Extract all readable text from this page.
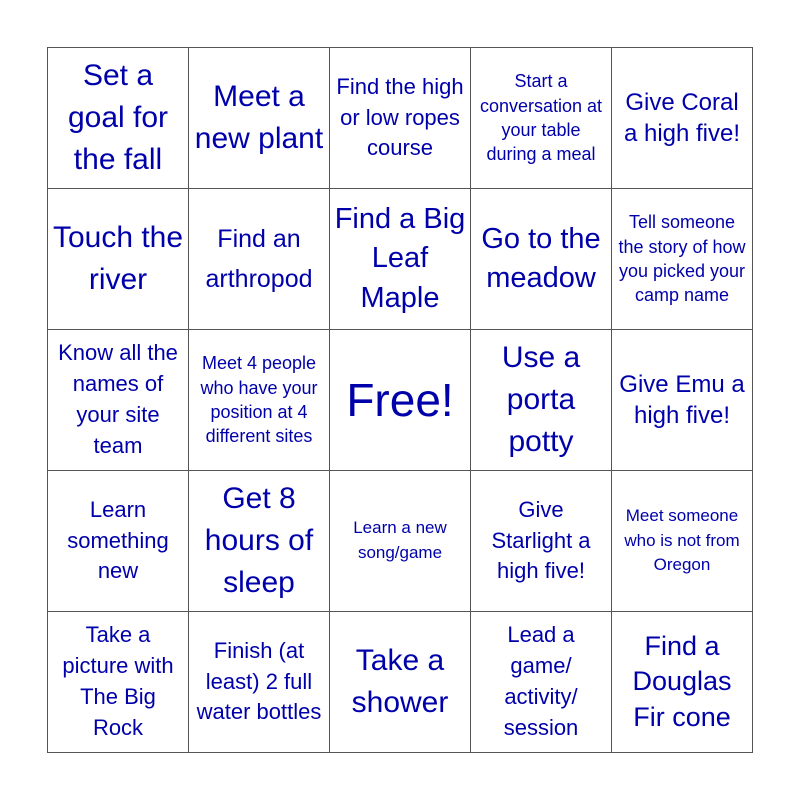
Set a goal for the fall
Meet a new plant
Find the high or low ropes course
Start a conversation at your table during a meal
Give Coral a high five!
Touch the river
Find an arthropod
Find a Big Leaf Maple
Go to the meadow
Tell someone the story of how you picked your camp name
Know all the names of your site team
Meet 4 people who have your position at 4 different sites
Free!
Use a porta potty
Give Emu a high five!
Learn something new
Get 8 hours of sleep
Learn a new song/game
Give Starlight a high five!
Meet someone who is not from Oregon
Take a picture with The Big Rock
Finish (at least) 2 full water bottles
Take a shower
Lead a game/ activity/ session
Find a Douglas Fir cone
